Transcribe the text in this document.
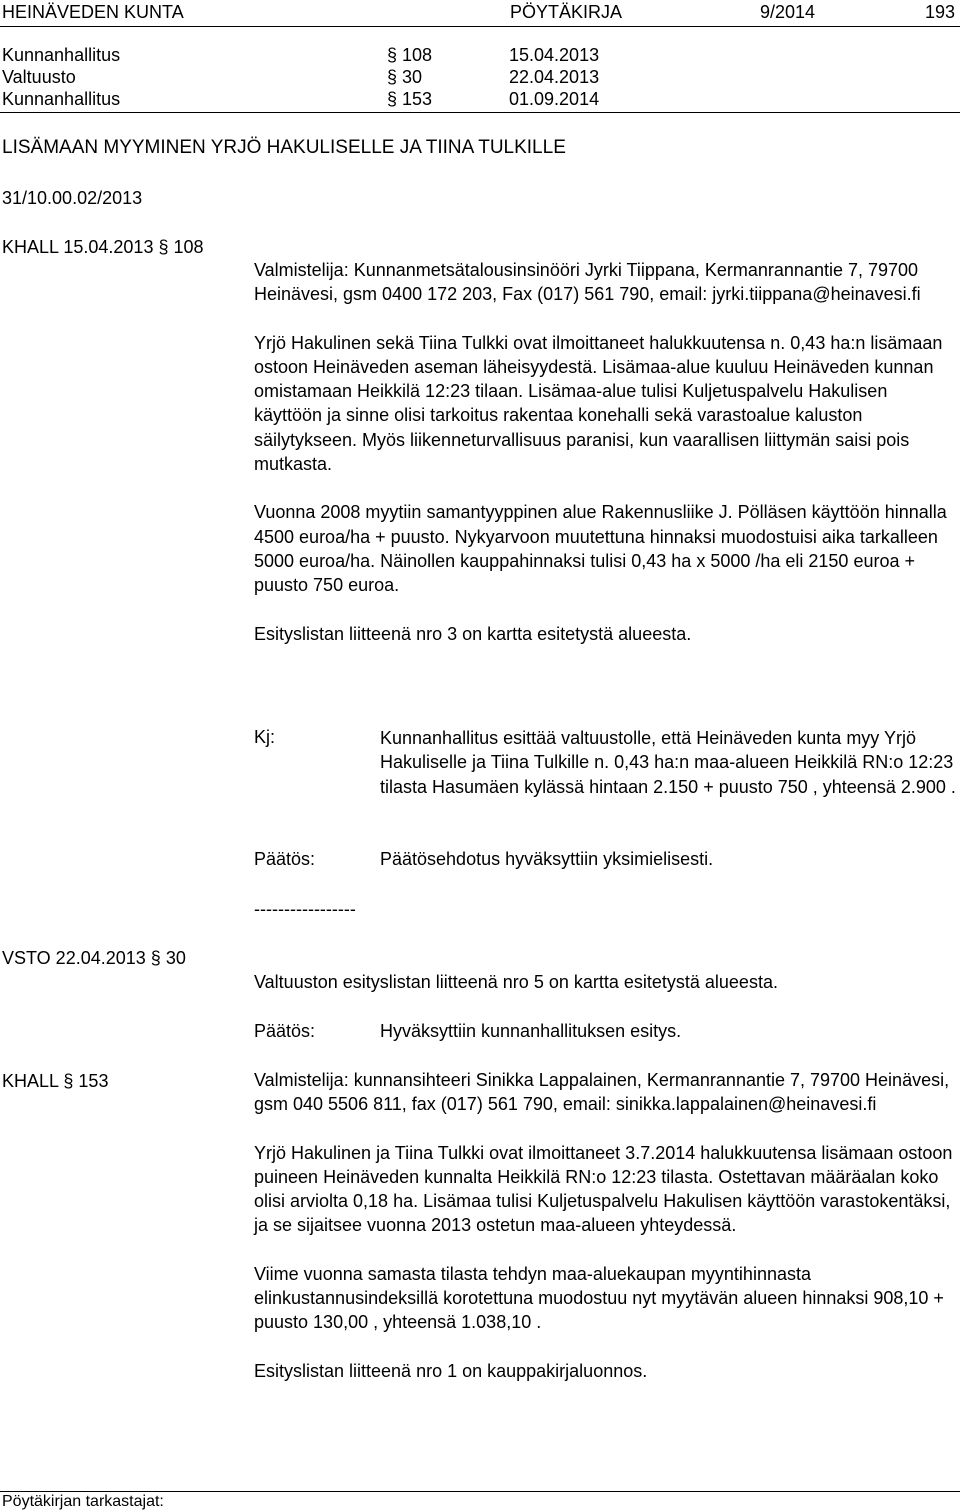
HEINÄVEDEN KUNTA	PÖYTÄKIRJA	9/2014	193
Kunnanhallitus	§ 108	15.04.2013
Valtuusto	§ 30	22.04.2013
Kunnanhallitus	§ 153	01.09.2014
LISÄMAAN MYYMINEN YRJÖ HAKULISELLE JA TIINA TULKILLE
31/10.00.02/2013
KHALL 15.04.2013 § 108

Valmistelija: Kunnanmetsätalousinsinööri Jyrki Tiippana, Kermanrannantie 7, 79700 Heinävesi, gsm 0400 172 203, Fax (017) 561 790, email: jyrki.tiippana@heinavesi.fi

Yrjö Hakulinen sekä Tiina Tulkki ovat ilmoittaneet halukkuutensa n. 0,43 ha:n lisämaan ostoon Heinäveden aseman läheisyydestä. Lisämaa-alue kuuluu Heinäveden kunnan omistamaan Heikkilä 12:23 tilaan. Lisämaa-alue tulisi Kuljetuspalvelu Hakulisen käyttöön ja sinne olisi tarkoitus rakentaa konehalli sekä varastoalue kaluston säilytykseen. Myös liikenneturvallisuus paranisi, kun vaarallisen liittymän saisi pois mutkasta.

Vuonna 2008 myytiin samantyyppinen alue Rakennusliike J. Pölläsen käyttöön hinnalla 4500 euroa/ha + puusto. Nykyarvoon muutettuna hinnaksi muodostuisi aika tarkalleen 5000 euroa/ha. Näinollen kauppahinnaksi tulisi 0,43 ha x 5000 /ha eli 2150 euroa + puusto 750 euroa.

Esityslistan liitteenä nro 3 on kartta esitetystä alueesta.

Kj:	Kunnanhallitus esittää valtuustolle, että Heinäveden kunta myy Yrjö Hakuliselle ja Tiina Tulkille n. 0,43 ha:n maa-alueen Heikkilä RN:o 12:23 tilasta Hasumäen kylässä hintaan 2.150 + puusto 750 , yhteensä 2.900 .
Päätös:	Päätösehdotus hyväksyttiin yksimielisesti.
-----------------
VSTO 22.04.2013 § 30
Valtuuston esityslistan liitteenä nro 5 on kartta esitetystä alueesta.
Päätös:	Hyväksyttiin kunnanhallituksen esitys.
KHALL § 153	Valmistelija: kunnansihteeri Sinikka Lappalainen, Kermanrannantie 7, 79700 Heinävesi, gsm 040 5506 811, fax (017) 561 790, email: sinikka.lappalainen@heinavesi.fi

Yrjö Hakulinen ja Tiina Tulkki ovat ilmoittaneet 3.7.2014 halukkuutensa lisämaan ostoon puineen Heinäveden kunnalta Heikkilä RN:o 12:23 tilasta. Ostettavan määräalan koko olisi arviolta 0,18 ha. Lisämaa tulisi Kuljetuspalvelu Hakulisen käyttöön varastokentäksi, ja se sijaitsee vuonna 2013 ostetun maa-alueen yhteydessä.

Viime vuonna samasta tilasta tehdyn maa-aluekaupan myyntihinnasta elinkustannusindeksillä korotettuna muodostuu nyt myytävän alueen hinnaksi 908,10 + puusto 130,00 , yhteensä 1.038,10 .

Esityslistan liitteenä nro 1 on kauppakirjaluonnos.

Pöytäkirjan tarkastajat:
